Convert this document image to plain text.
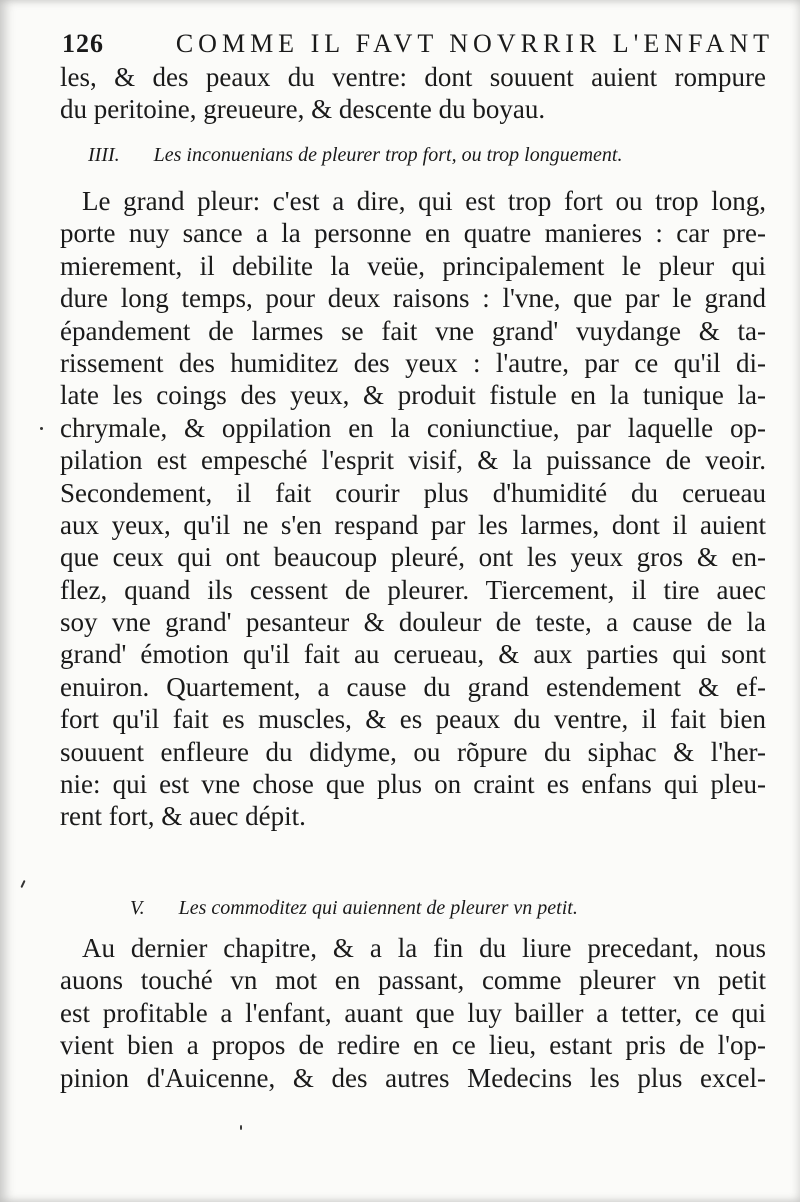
126	COMME IL FAVT NOVRRIR L'ENFANT
les, & des peaux du ventre: dont souuent auient rompure
du peritoine, greueure, & descente du boyau.
IIII. Les inconuenians de pleurer trop fort, ou trop longuement.
Le grand pleur: c'est a dire, qui est trop fort ou trop long,
porte nuy sance a la personne en quatre manieres : car pre-
mierement, il debilite la veüe, principalement le pleur qui
dure long temps, pour deux raisons : l'vne, que par le grand
épandement de larmes se fait vne grand' vuydange & ta-
rissement des humiditez des yeux : l'autre, par ce qu'il di-
late les coings des yeux, & produit fistule en la tunique la-
chrymale, & oppilation en la coniunctiue, par laquelle op-
pilation est empesché l'esprit visif, & la puissance de veoir.
Secondement, il fait courir plus d'humidité du cerueau
aux yeux, qu'il ne s'en respand par les larmes, dont il auient
que ceux qui ont beaucoup pleuré, ont les yeux gros & en-
flez, quand ils cessent de pleurer. Tiercement, il tire auec
soy vne grand' pesanteur & douleur de teste, a cause de la
grand' émotion qu'il fait au cerueau, & aux parties qui sont
enuiron. Quartement, a cause du grand estendement & ef-
fort qu'il fait es muscles, & es peaux du ventre, il fait bien
souuent enfleure du didyme, ou rõpure du siphac & l'her-
nie: qui est vne chose que plus on craint es enfans qui pleu-
rent fort, & auec dépit.
V. Les commoditez qui auiennent de pleurer vn petit.
Au dernier chapitre, & a la fin du liure precedant, nous
auons touché vn mot en passant, comme pleurer vn petit
est profitable a l'enfant, auant que luy bailler a tetter, ce qui
vient bien a propos de redire en ce lieu, estant pris de l'op-
pinion d'Auicenne, & des autres Medecins les plus excel-
